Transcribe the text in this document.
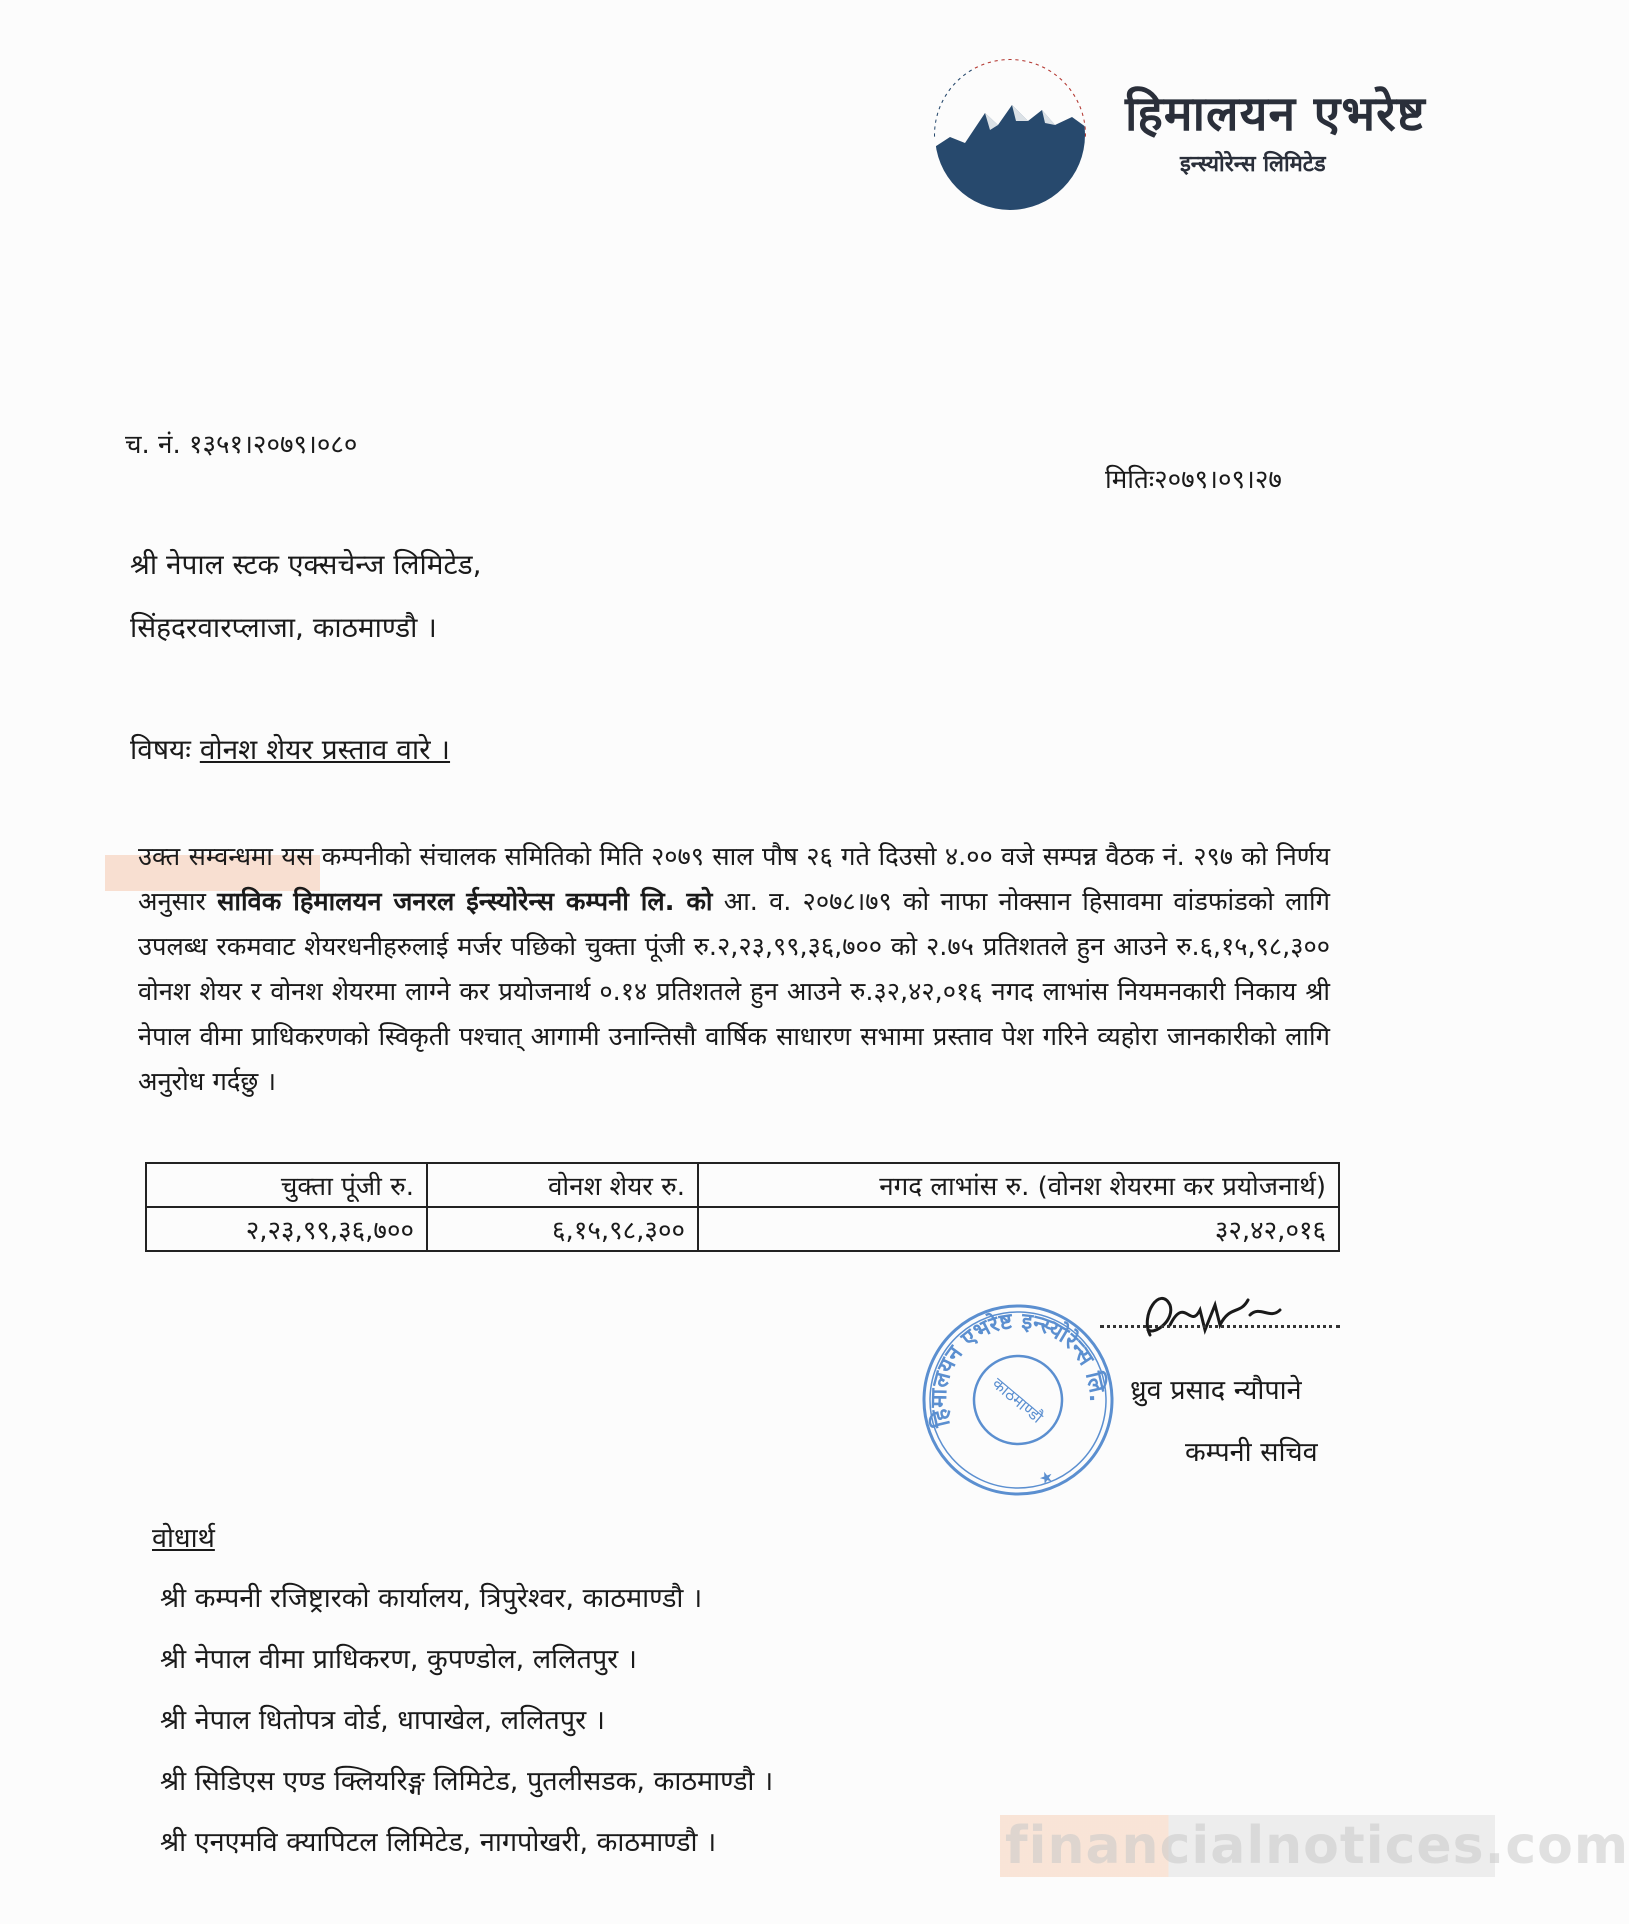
हिमालयन एभरेष्ट
इन्स्योरेन्स लिमिटेड
च. नं. १३५१।२०७९।०८०
मितिः२०७९।०९।२७
श्री नेपाल स्टक एक्सचेन्ज लिमिटेड,
सिंहदरवारप्लाजा, काठमाण्डौ ।
विषयः वोनश शेयर प्रस्ताव वारे ।
उक्त सम्वन्धमा यस कम्पनीको संचालक समितिको मिति २०७९ साल पौष २६ गते दिउसो ४.०० वजे सम्पन्न वैठक नं. २९७ को निर्णय अनुसार साविक हिमालयन जनरल ईन्स्योरेन्स कम्पनी लि. को आ. व. २०७८।७९ को नाफा नोक्सान हिसावमा वांडफांडको लागि उपलब्ध रकमवाट शेयरधनीहरुलाई मर्जर पछिको चुक्ता पूंजी रु.२,२३,९९,३६,७०० को २.७५ प्रतिशतले हुन आउने रु.६,१५,९८,३०० वोनश शेयर र वोनश शेयरमा लाग्ने कर प्रयोजनार्थ ०.१४ प्रतिशतले हुन आउने रु.३२,४२,०१६ नगद लाभांस नियमनकारी निकाय श्री नेपाल वीमा प्राधिकरणको स्विकृती पश्चात् आगामी उनान्तिसौ वार्षिक साधारण सभामा प्रस्ताव पेश गरिने व्यहोरा जानकारीको लागि अनुरोध गर्दछु ।
चुक्ता पूंजी रु.	वोनश शेयर रु.	नगद लाभांस रु. (वोनश शेयरमा कर प्रयोजनार्थ)
२,२३,९९,३६,७००	६,१५,९८,३००	३२,४२,०१६
हिमालयन एभरेष्ट इन्स्योरेन्स लि.
काठमाण्डौ
★
ध्रुव प्रसाद न्यौपाने
कम्पनी सचिव
वोधार्थ
श्री कम्पनी रजिष्ट्रारको कार्यालय, त्रिपुरेश्वर, काठमाण्डौ ।
श्री नेपाल वीमा प्राधिकरण, कुपण्डोल, ललितपुर ।
श्री नेपाल धितोपत्र वोर्ड, धापाखेल, ललितपुर ।
श्री सिडिएस एण्ड क्लियरिङ्ग लिमिटेड, पुतलीसडक, काठमाण्डौ ।
श्री एनएमवि क्यापिटल लिमिटेड, नागपोखरी, काठमाण्डौ ।	financialnotices.com
